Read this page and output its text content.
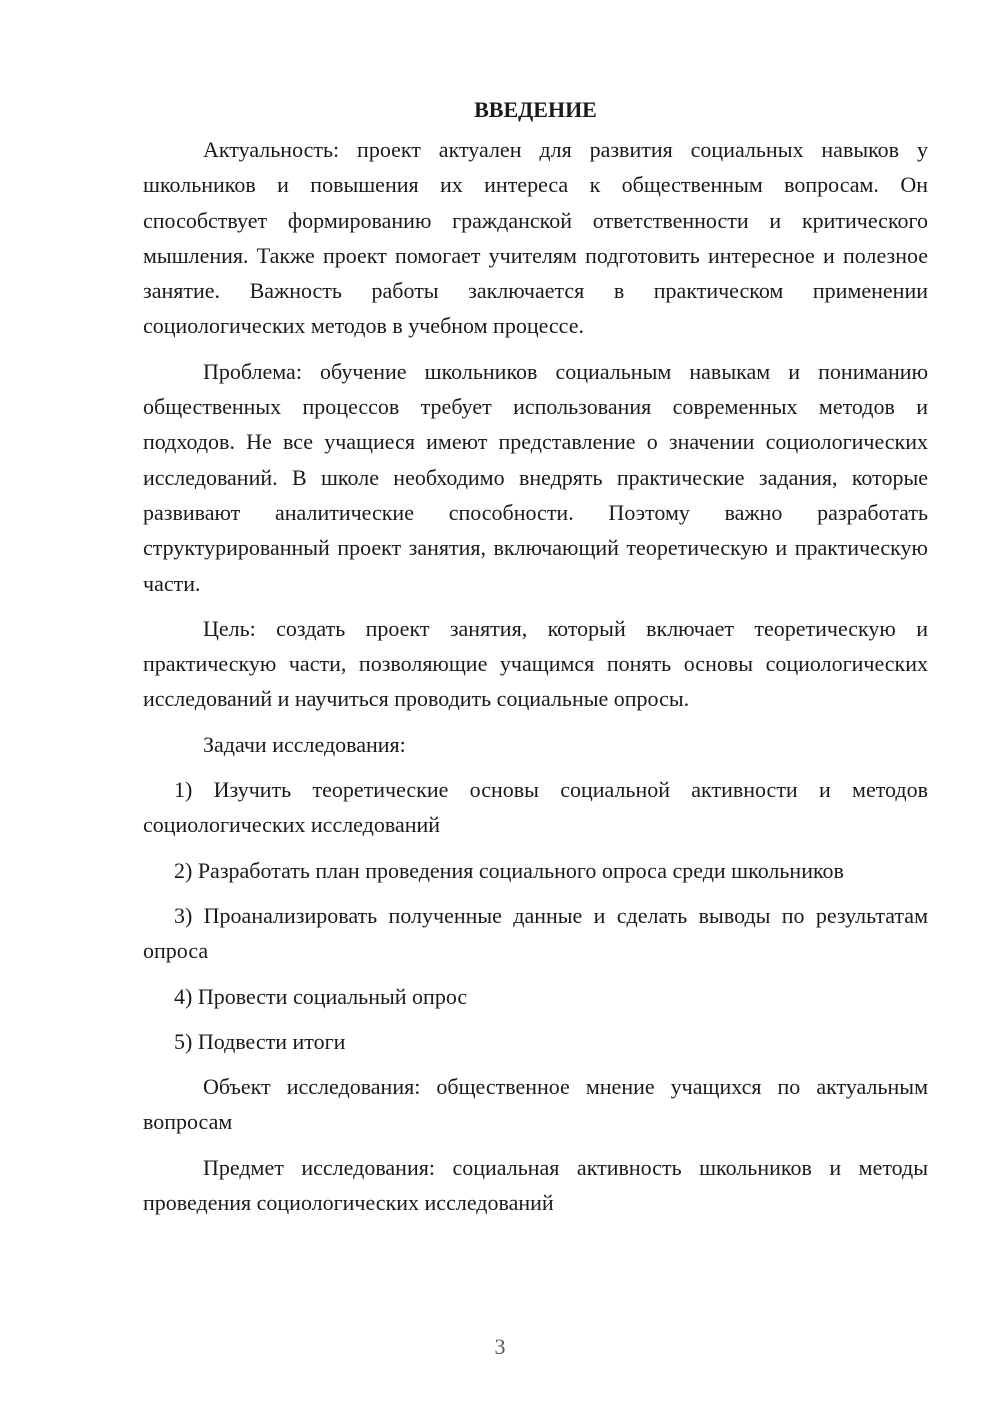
ВВЕДЕНИЕ

Актуальность: проект актуален для развития социальных навыков у школьников и повышения их интереса к общественным вопросам. Он способствует формированию гражданской ответственности и критического мышления. Также проект помогает учителям подготовить интересное и полезное занятие. Важность работы заключается в практическом применении социологических методов в учебном процессе.

Проблема: обучение школьников социальным навыкам и пониманию общественных процессов требует использования современных методов и подходов. Не все учащиеся имеют представление о значении социологических исследований. В школе необходимо внедрять практические задания, которые развивают аналитические способности. Поэтому важно разработать структурированный проект занятия, включающий теоретическую и практическую части.

Цель: создать проект занятия, который включает теоретическую и практическую части, позволяющие учащимся понять основы социологических исследований и научиться проводить социальные опросы.

Задачи исследования:

1) Изучить теоретические основы социальной активности и методов социологических исследований

2) Разработать план проведения социального опроса среди школьников

3) Проанализировать полученные данные и сделать выводы по результатам опроса

4) Провести социальный опрос

5) Подвести итоги

Объект исследования: общественное мнение учащихся по актуальным вопросам

Предмет исследования: социальная активность школьников и методы проведения социологических исследований

3
